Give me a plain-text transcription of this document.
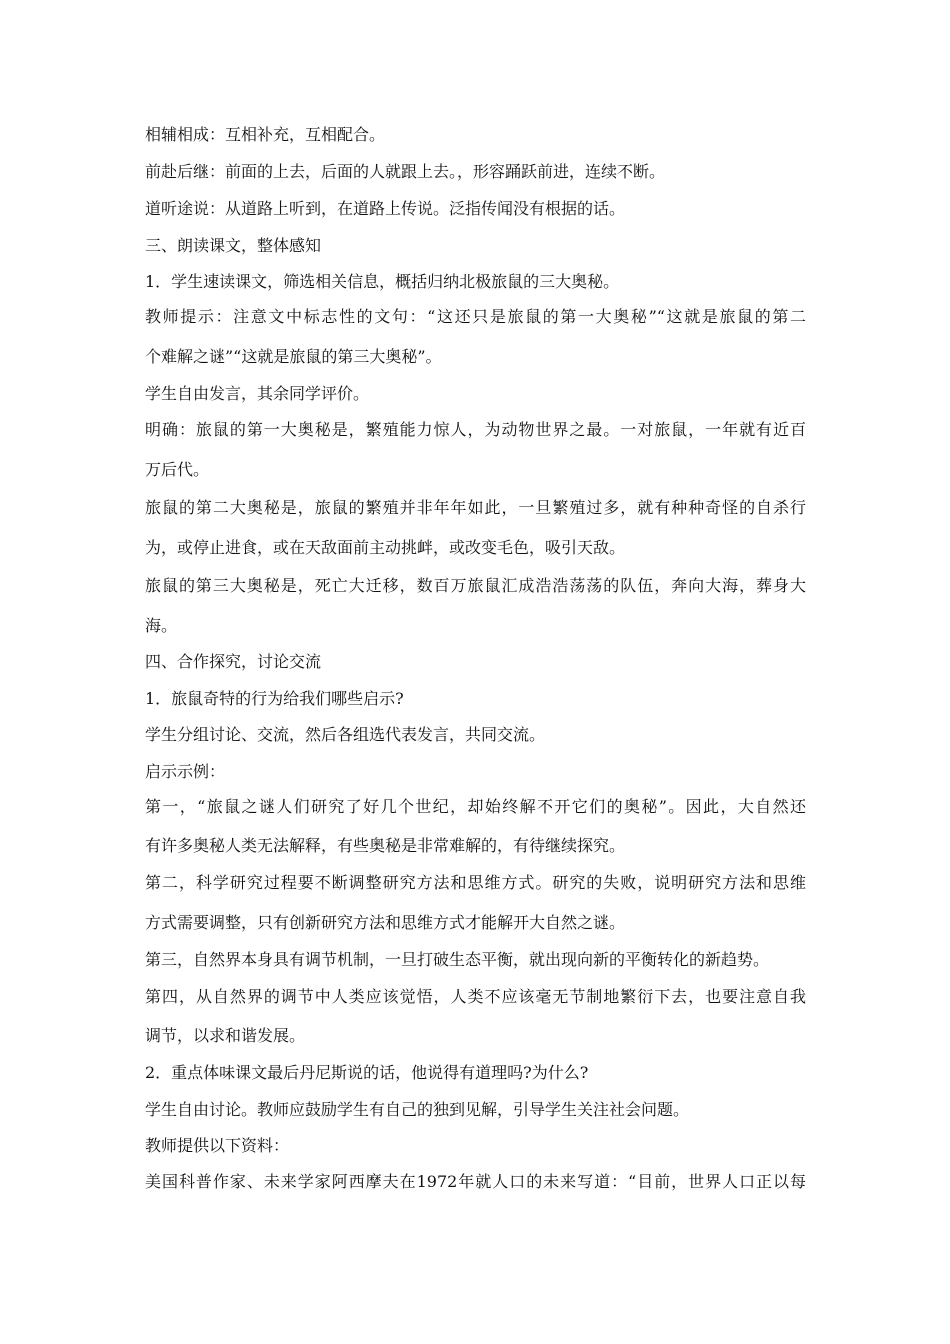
相辅相成：互相补充，互相配合。
前赴后继：前面的上去，后面的人就跟上去。，形容踊跃前进，连续不断。
道听途说：从道路上听到，在道路上传说。泛指传闻没有根据的话。
三、朗读课文，整体感知
1．学生速读课文，筛选相关信息，概括归纳北极旅鼠的三大奥秘。
教师提示：注意文中标志性的文句：“这还只是旅鼠的第一大奥秘”“这就是旅鼠的第二
个难解之谜”“这就是旅鼠的第三大奥秘”。
学生自由发言，其余同学评价。
明确：旅鼠的第一大奥秘是，繁殖能力惊人，为动物世界之最。一对旅鼠，一年就有近百
万后代。
旅鼠的第二大奥秘是，旅鼠的繁殖并非年年如此，一旦繁殖过多，就有种种奇怪的自杀行
为，或停止进食，或在天敌面前主动挑衅，或改变毛色，吸引天敌。
旅鼠的第三大奥秘是，死亡大迁移，数百万旅鼠汇成浩浩荡荡的队伍，奔向大海，葬身大
海。
四、合作探究，讨论交流
1．旅鼠奇特的行为给我们哪些启示?
学生分组讨论、交流，然后各组选代表发言，共同交流。
启示示例：
第一，“旅鼠之谜人们研究了好几个世纪，却始终解不开它们的奥秘”。因此，大自然还
有许多奥秘人类无法解释，有些奥秘是非常难解的，有待继续探究。
第二，科学研究过程要不断调整研究方法和思维方式。研究的失败，说明研究方法和思维
方式需要调整，只有创新研究方法和思维方式才能解开大自然之谜。
第三，自然界本身具有调节机制，一旦打破生态平衡，就出现向新的平衡转化的新趋势。
第四，从自然界的调节中人类应该觉悟，人类不应该毫无节制地繁衍下去，也要注意自我
调节，以求和谐发展。
2．重点体味课文最后丹尼斯说的话，他说得有道理吗?为什么?
学生自由讨论。教师应鼓励学生有自己的独到见解，引导学生关注社会问题。
教师提供以下资料：
美国科普作家、未来学家阿西摩夫在1972年就人口的未来写道：“目前，世界人口正以每
